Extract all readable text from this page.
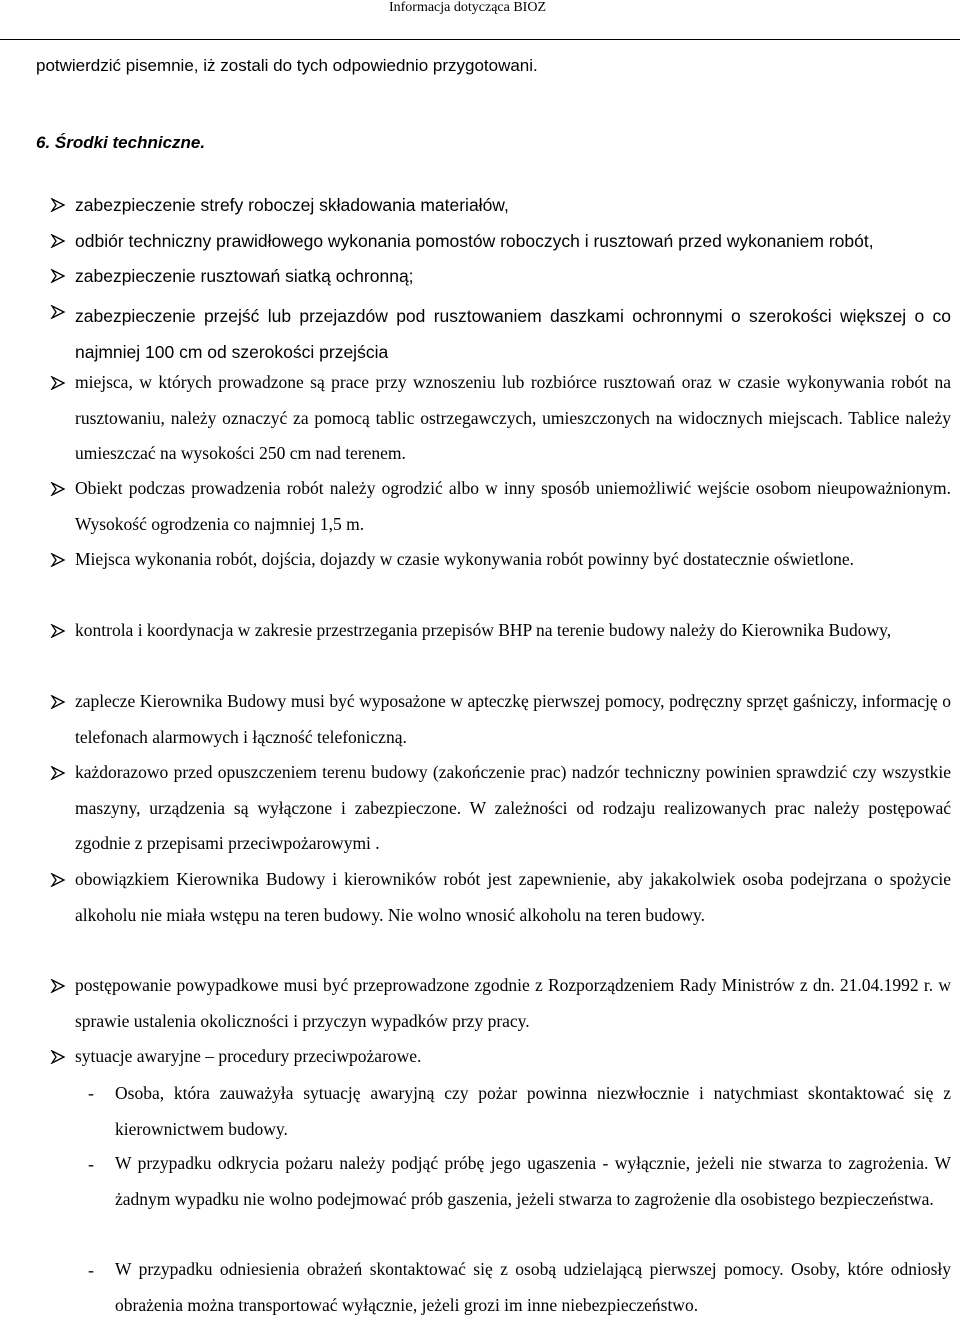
Informacja dotycząca BIOZ
potwierdzić pisemnie, iż zostali do tych odpowiednio przygotowani.
6. Środki techniczne.
zabezpieczenie strefy roboczej składowania materiałów,
odbiór techniczny prawidłowego wykonania pomostów roboczych i rusztowań przed wykonaniem robót,
zabezpieczenie rusztowań siatką ochronną;
zabezpieczenie przejść lub przejazdów pod rusztowaniem daszkami ochronnymi o szerokości większej o co najmniej 100 cm od szerokości przejścia
miejsca, w których prowadzone są prace przy wznoszeniu lub rozbiórce rusztowań oraz w czasie wykonywania robót na rusztowaniu, należy oznaczyć za pomocą tablic ostrzegawczych, umieszczonych na widocznych miejscach. Tablice należy umieszczać na wysokości 250 cm nad terenem.
Obiekt podczas prowadzenia robót należy ogrodzić albo w inny sposób uniemożliwić wejście osobom nieupoważnionym. Wysokość ogrodzenia co najmniej 1,5 m.
Miejsca wykonania robót, dojścia, dojazdy w czasie wykonywania robót powinny być dostatecznie oświetlone.
kontrola i koordynacja w zakresie przestrzegania przepisów BHP na terenie budowy należy do Kierownika Budowy,
zaplecze Kierownika Budowy musi być wyposażone w apteczkę pierwszej pomocy, podręczny sprzęt gaśniczy, informację o telefonach alarmowych i łączność telefoniczną.
każdorazowo przed opuszczeniem terenu budowy (zakończenie prac) nadzór techniczny powinien sprawdzić czy wszystkie maszyny, urządzenia są wyłączone i zabezpieczone. W zależności od rodzaju realizowanych prac należy postępować zgodnie z przepisami przeciwpożarowymi .
obowiązkiem Kierownika Budowy i kierowników robót jest zapewnienie, aby jakakolwiek osoba podejrzana o spożycie alkoholu nie miała wstępu na teren budowy. Nie wolno wnosić alkoholu na teren budowy.
postępowanie powypadkowe musi być przeprowadzone zgodnie z Rozporządzeniem Rady Ministrów z dn. 21.04.1992 r. w sprawie ustalenia okoliczności i przyczyn wypadków przy pracy.
sytuacje awaryjne – procedury przeciwpożarowe.
- Osoba, która zauważyła sytuację awaryjną czy pożar powinna niezwłocznie i natychmiast skontaktować się z kierownictwem budowy.
- W przypadku odkrycia pożaru należy podjąć próbę jego ugaszenia - wyłącznie, jeżeli nie stwarza to zagrożenia. W żadnym wypadku nie wolno podejmować prób gaszenia, jeżeli stwarza to zagrożenie dla osobistego bezpieczeństwa.
- W przypadku odniesienia obrażeń skontaktować się z osobą udzielającą pierwszej pomocy. Osoby, które odniosły obrażenia można transportować wyłącznie, jeżeli grozi im inne niebezpieczeństwo.
